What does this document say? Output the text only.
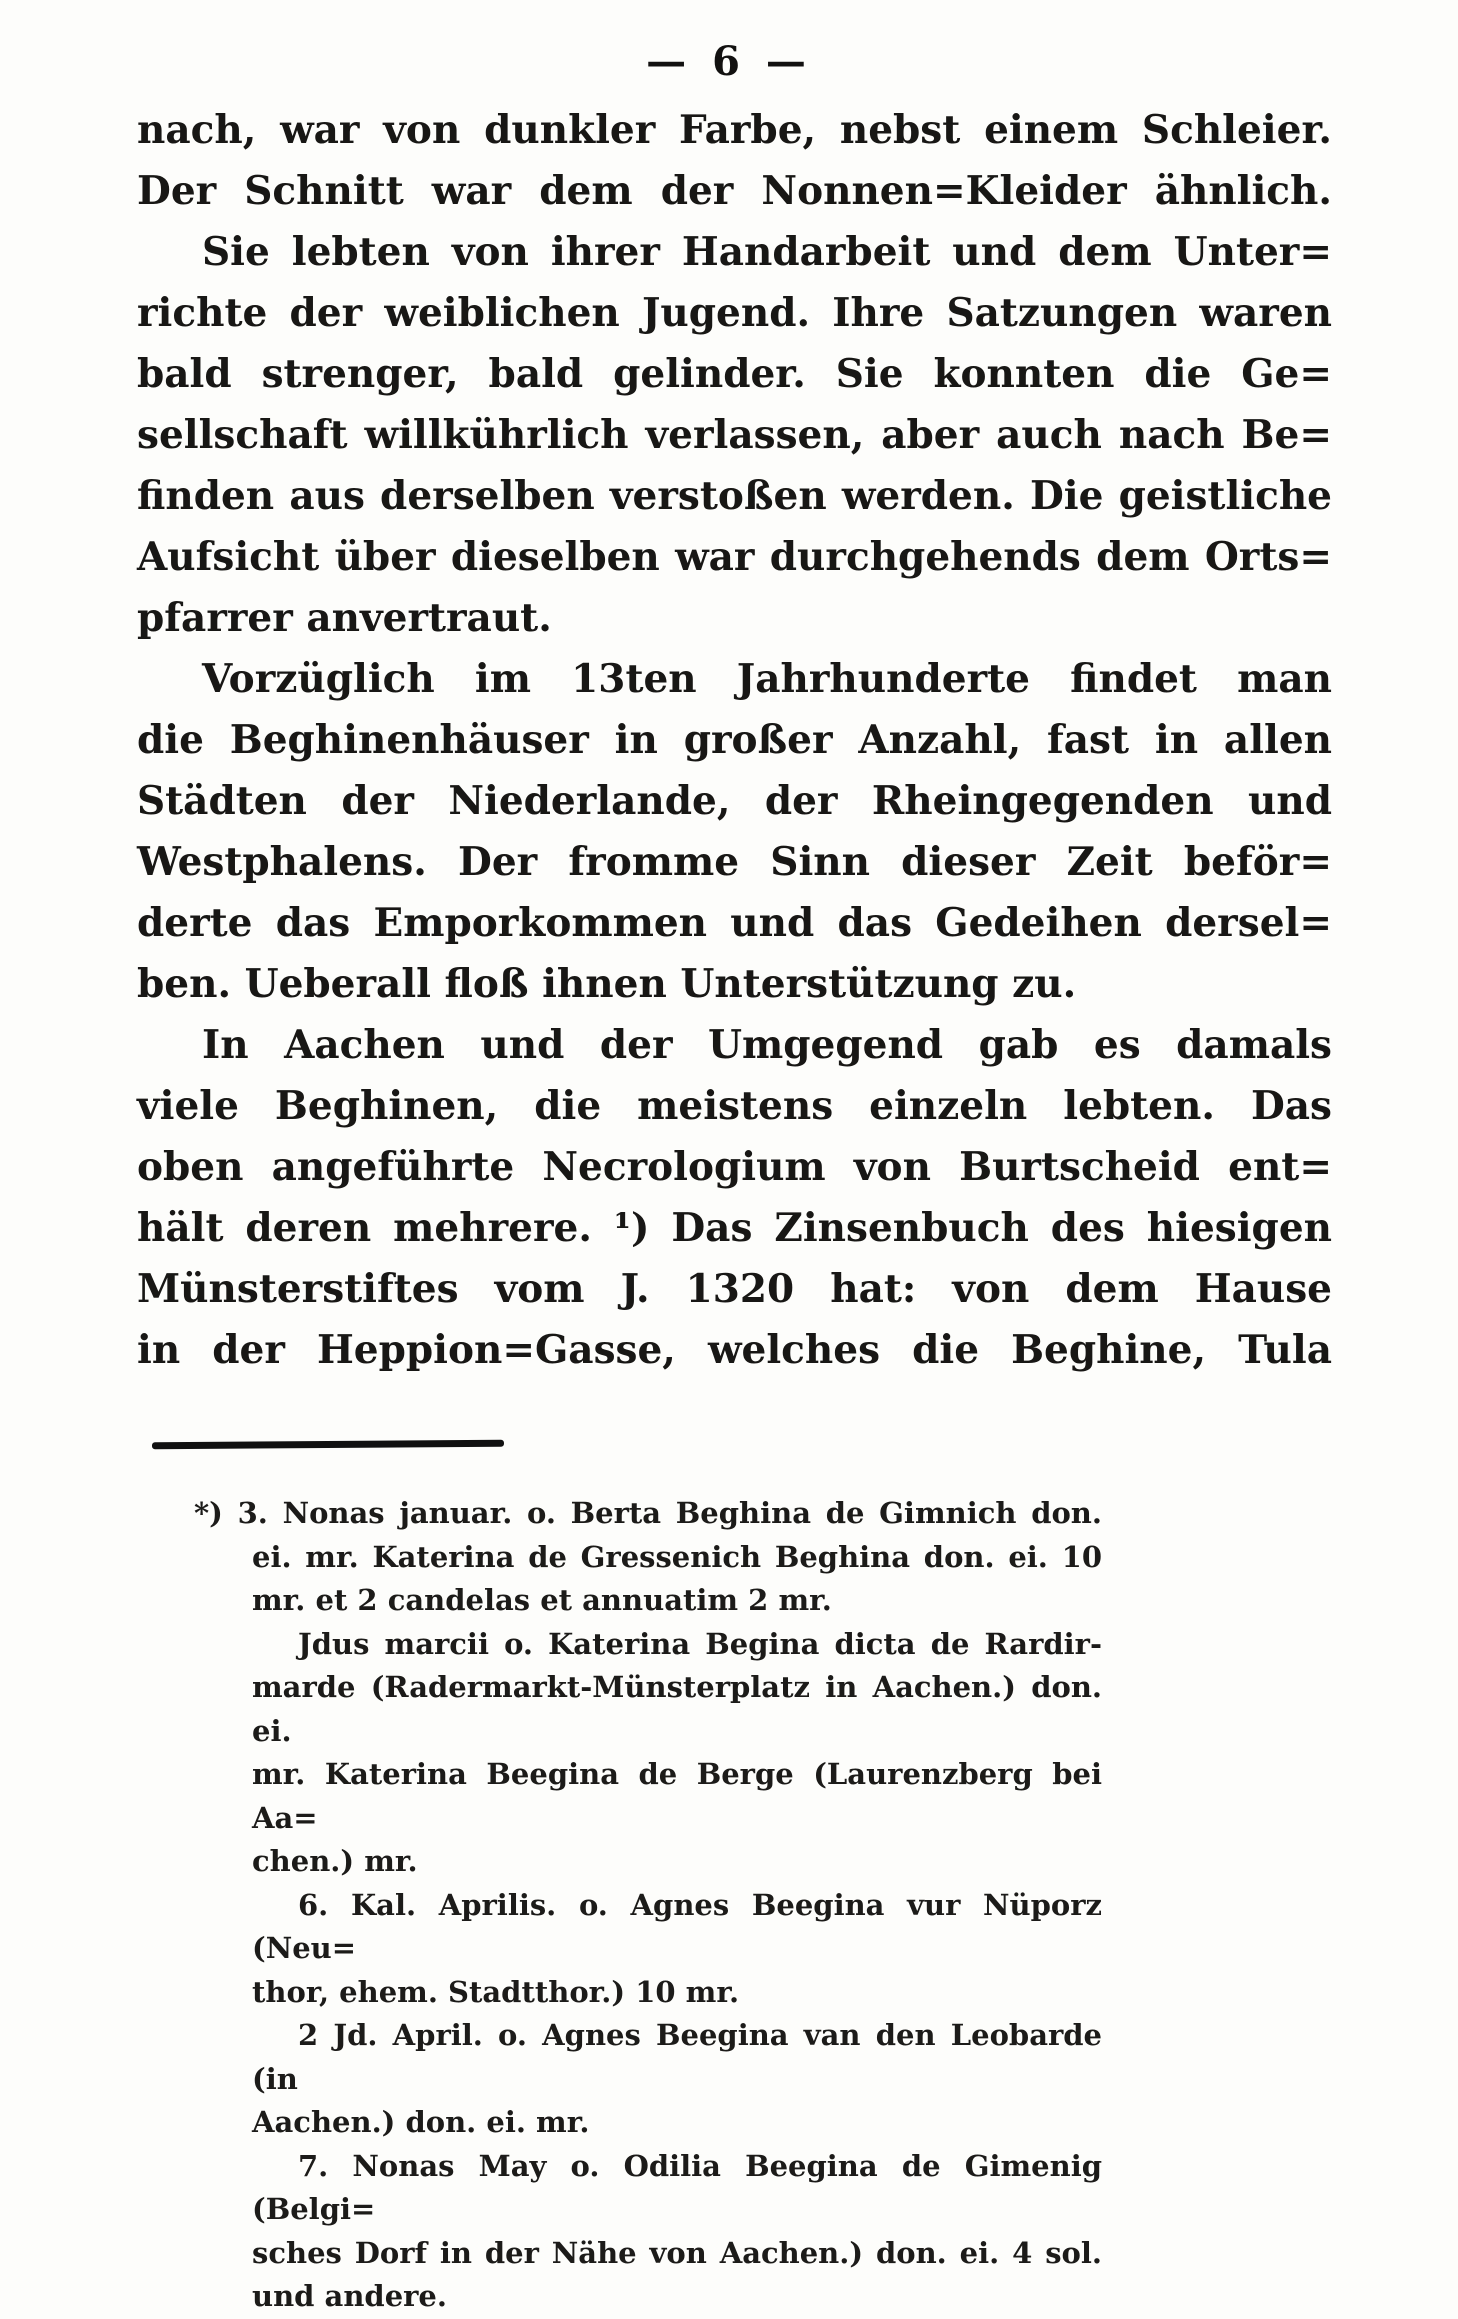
— 6 —
nach, war von dunkler Farbe, nebst einem Schleier.
Der Schnitt war dem der Nonnen=Kleider ähnlich.
Sie lebten von ihrer Handarbeit und dem Unter=
richte der weiblichen Jugend. Ihre Satzungen waren
bald strenger, bald gelinder. Sie konnten die Ge=
sellschaft willkührlich verlassen, aber auch nach Be=
finden aus derselben verstoßen werden. Die geistliche
Aufsicht über dieselben war durchgehends dem Orts=
pfarrer anvertraut.
Vorzüglich im 13ten Jahrhunderte findet man
die Beghinenhäuser in großer Anzahl, fast in allen
Städten der Niederlande, der Rheingegenden und
Westphalens. Der fromme Sinn dieser Zeit beför=
derte das Emporkommen und das Gedeihen dersel=
ben. Ueberall floß ihnen Unterstützung zu.
In Aachen und der Umgegend gab es damals
viele Beghinen, die meistens einzeln lebten. Das
oben angeführte Necrologium von Burtscheid ent=
hält deren mehrere. ¹) Das Zinsenbuch des hiesigen
Münsterstiftes vom J. 1320 hat: von dem Hause
in der Heppion=Gasse, welches die Beghine, Tula
*) 3. Nonas januar. o. Berta Beghina de Gimnich don.
ei. mr. Katerina de Gressenich Beghina don. ei. 10
mr. et 2 candelas et annuatim 2 mr.
Jdus marcii o. Katerina Begina dicta de Rardir-
marde (Radermarkt-Münsterplatz in Aachen.) don. ei.
mr. Katerina Beegina de Berge (Laurenzberg bei Aa=
chen.) mr.
6. Kal. Aprilis. o. Agnes Beegina vur Nüporz (Neu=
thor, ehem. Stadtthor.) 10 mr.
2 Jd. April. o. Agnes Beegina van den Leobarde (in
Aachen.) don. ei. mr.
7. Nonas May o. Odilia Beegina de Gimenig (Belgi=
sches Dorf in der Nähe von Aachen.) don. ei. 4 sol.
und andere.
